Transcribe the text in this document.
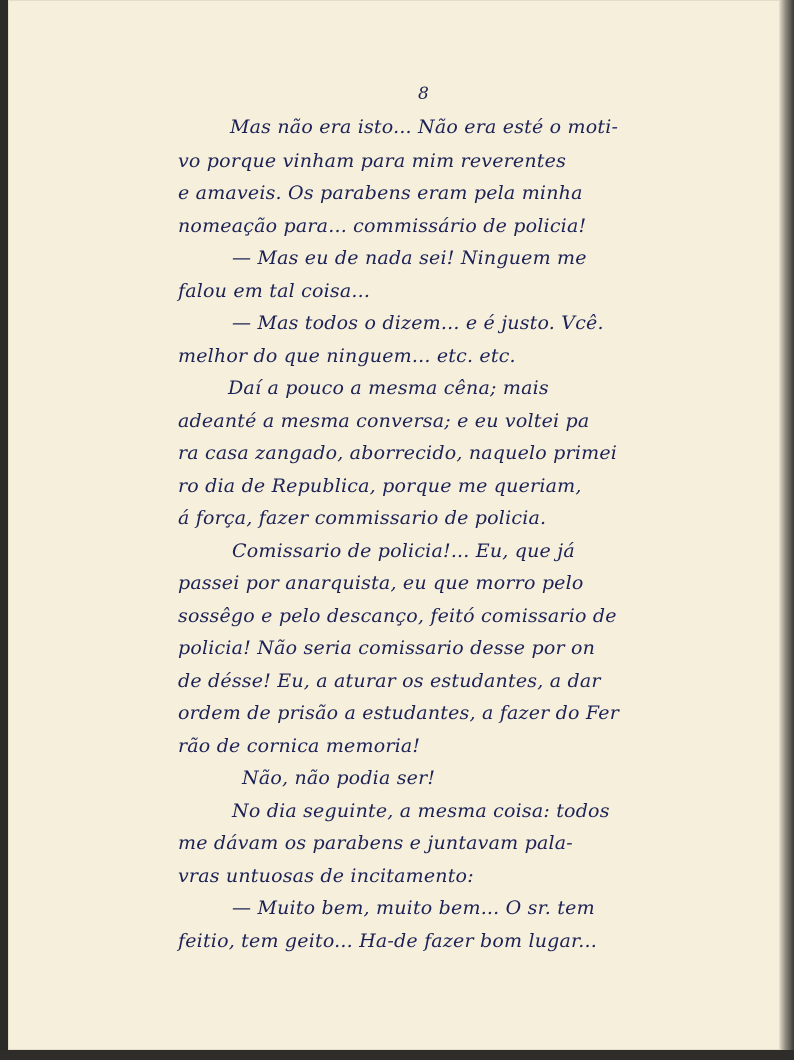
8
Mas não era isto... Não era esté o moti-
vo porque vinham para mim reverentes
e amaveis. Os parabens eram pela minha
nomeação para... commissário de policia!
— Mas eu de nada sei! Ninguem me
falou em tal coisa...
— Mas todos o dizem... e é justo. Vcê.
melhor do que ninguem... etc. etc.
Daí a pouco a mesma cêna; mais
adeanté a mesma conversa; e eu voltei pa
ra casa zangado, aborrecido, naquelo primei
ro dia de Republica, porque me queriam,
á força, fazer commissario de policia.
Comissario de policia!... Eu, que já
passei por anarquista, eu que morro pelo
sossêgo e pelo descanço, feitó comissario de
policia! Não seria comissario desse por on
de désse! Eu, a aturar os estudantes, a dar
ordem de prisão a estudantes, a fazer do Fer
rão de cornica memoria!
Não, não podia ser!
No dia seguinte, a mesma coisa: todos
me dávam os parabens e juntavam pala-
vras untuosas de incitamento:
— Muito bem, muito bem... O sr. tem
feitio, tem geito... Ha-de fazer bom lugar...
